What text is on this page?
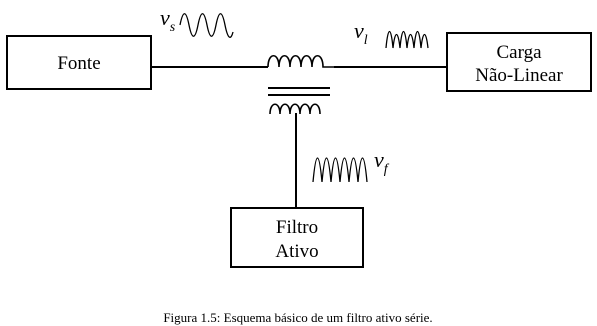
Fonte
Carga
Não-Linear
Filtro
Ativo
$v_s$	$v_l$
$v_f$
Figura 1.5: Esquema básico de um filtro ativo série.
